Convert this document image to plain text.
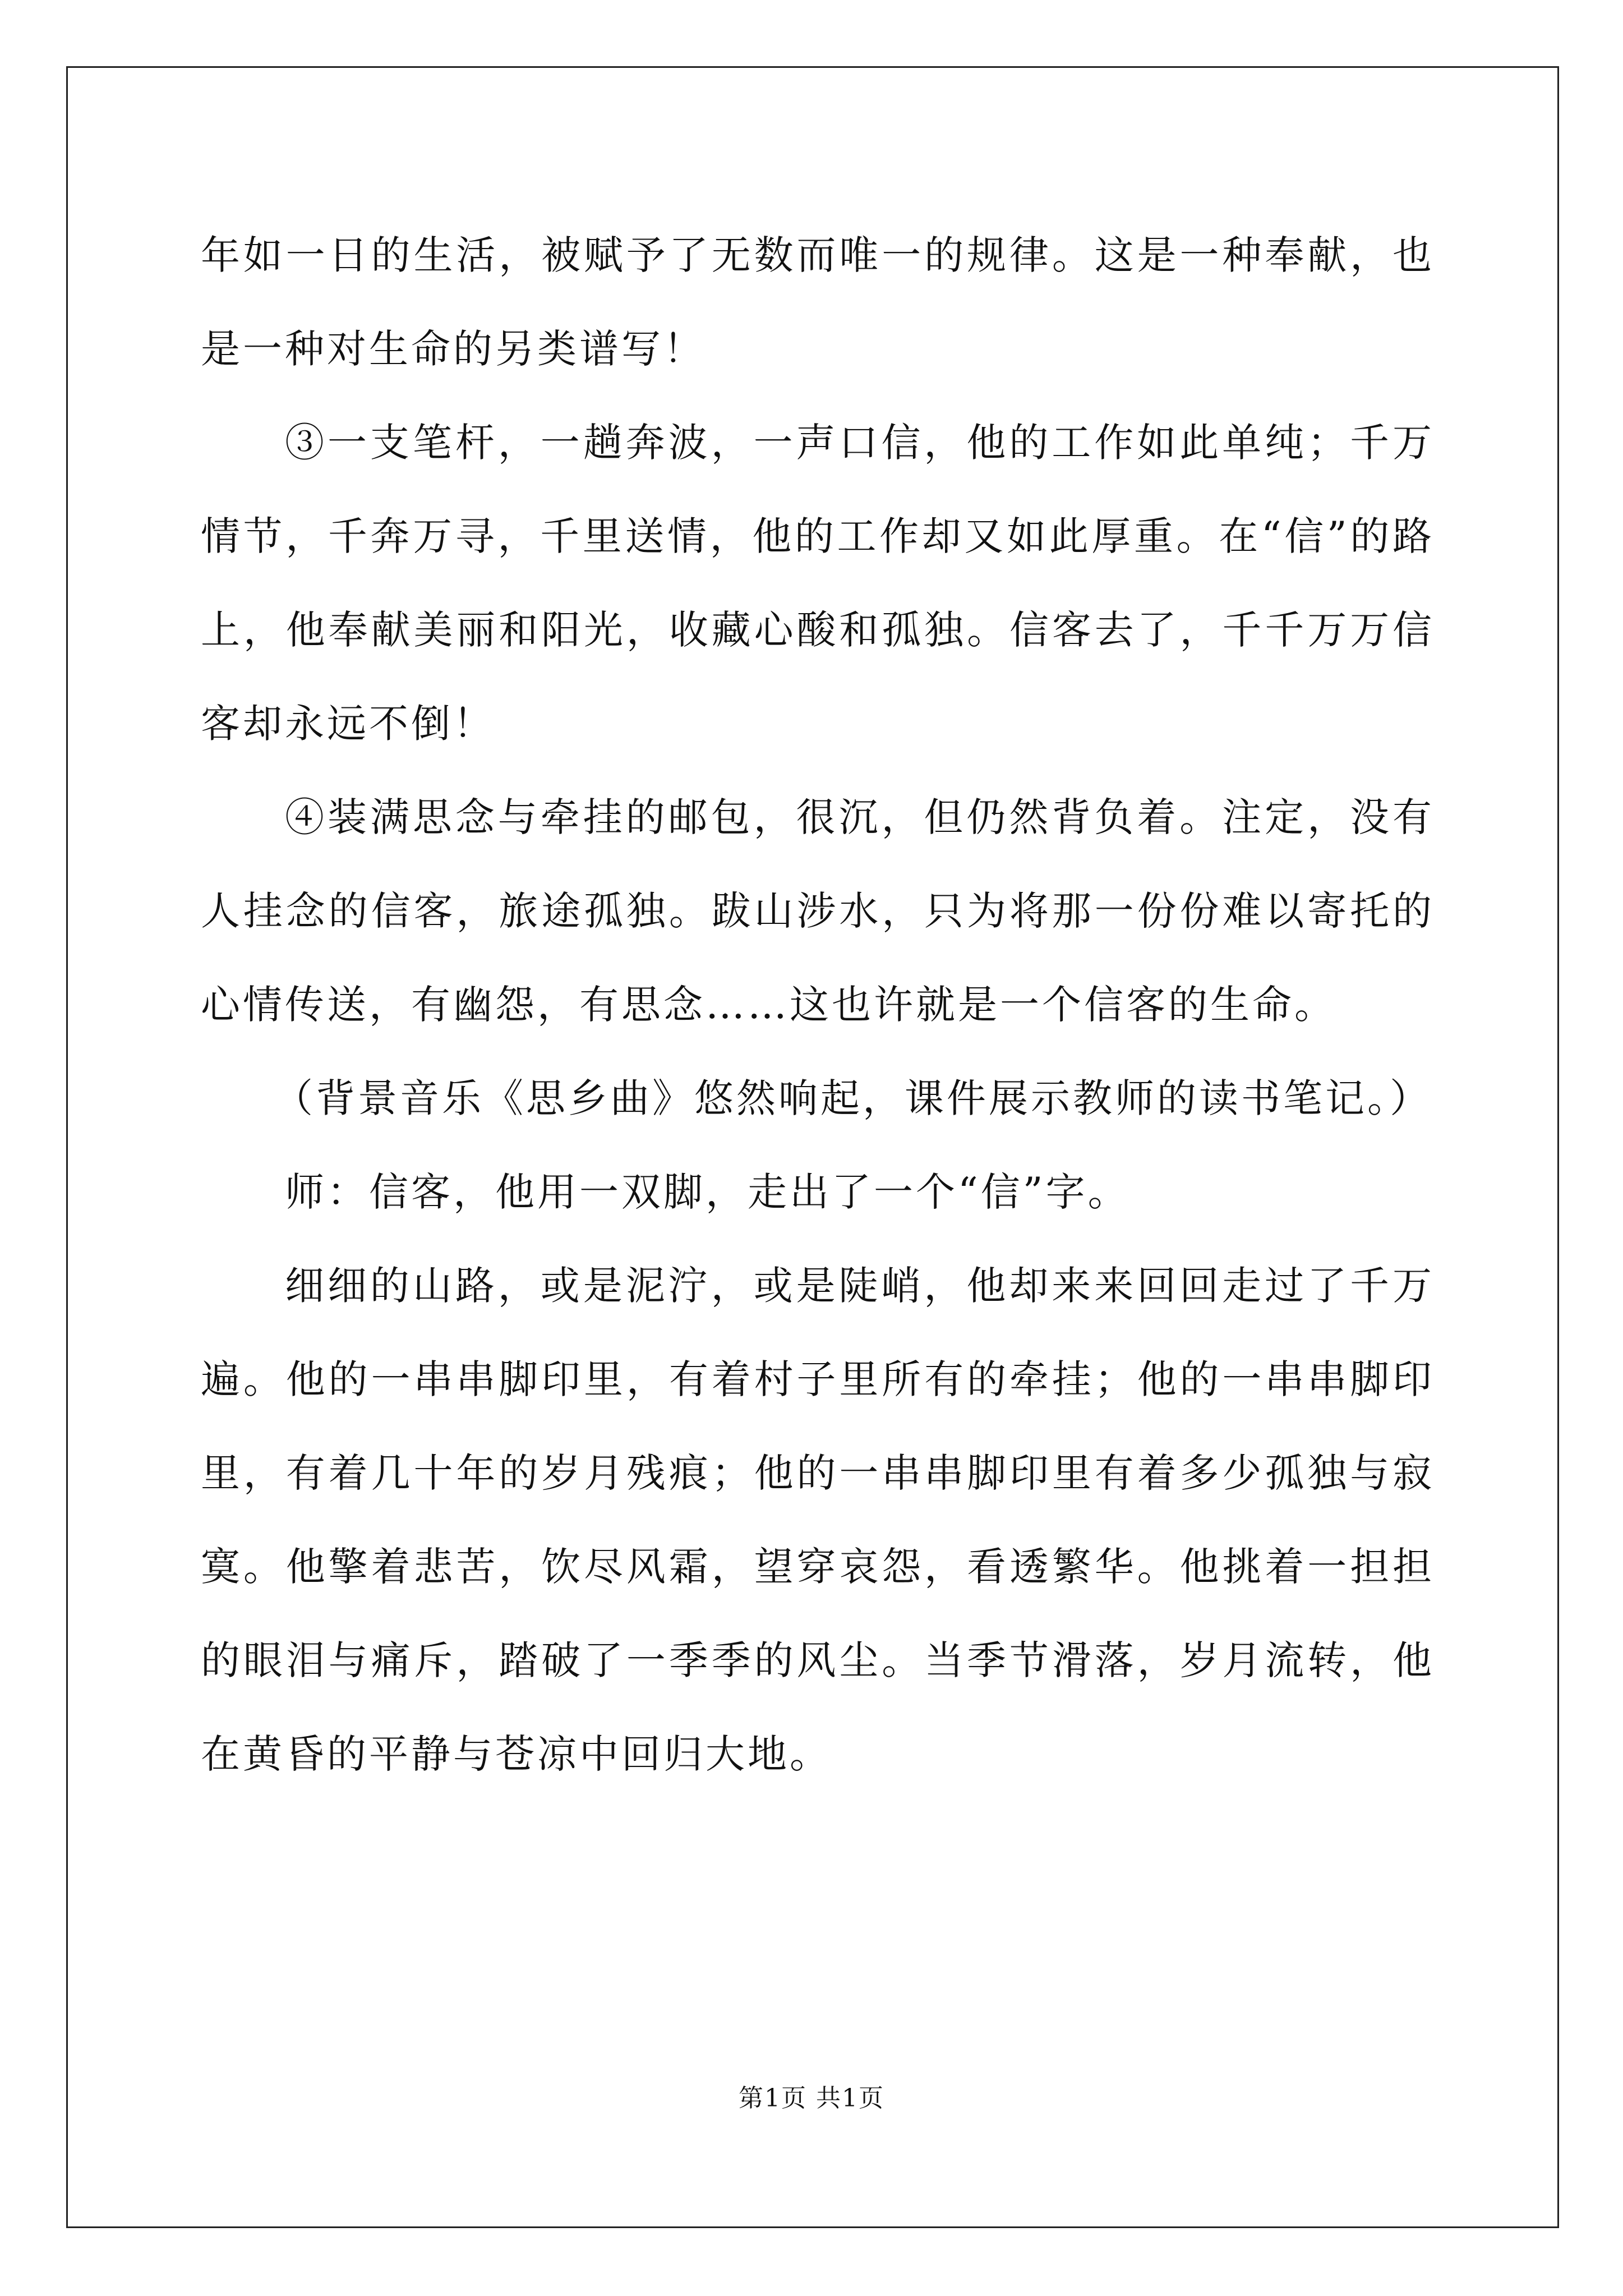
年如一日的生活，被赋予了无数而唯一的规律。这是一种奉献，也是一种对生命的另类谱写！

③一支笔杆，一趟奔波，一声口信，他的工作如此单纯；千万情节，千奔万寻，千里送情，他的工作却又如此厚重。在“信”的路上，他奉献美丽和阳光，收藏心酸和孤独。信客去了，千千万万信客却永远不倒！

④装满思念与牵挂的邮包，很沉，但仍然背负着。注定，没有人挂念的信客，旅途孤独。跋山涉水，只为将那一份份难以寄托的心情传送，有幽怨，有思念……这也许就是一个信客的生命。

（背景音乐《思乡曲》悠然响起，课件展示教师的读书笔记。）

师：信客，他用一双脚，走出了一个“信”字。

细细的山路，或是泥泞，或是陡峭，他却来来回回走过了千万遍。他的一串串脚印里，有着村子里所有的牵挂；他的一串串脚印里，有着几十年的岁月残痕；他的一串串脚印里有着多少孤独与寂寞。他擎着悲苦，饮尽风霜，望穿哀怨，看透繁华。他挑着一担担的眼泪与痛斥，踏破了一季季的风尘。当季节滑落，岁月流转，他在黄昏的平静与苍凉中回归大地。

第1页 共1页
